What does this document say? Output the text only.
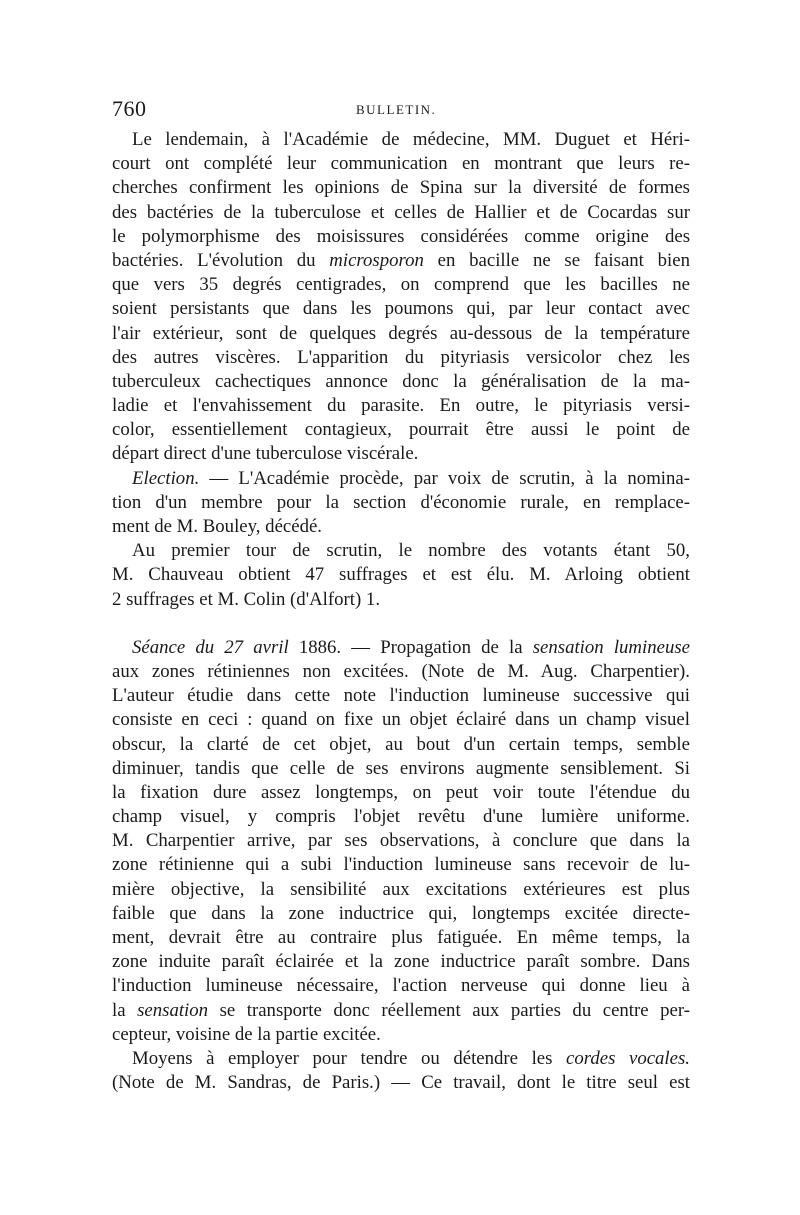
760	BULLETIN.
Le lendemain, à l'Académie de médecine, MM. Duguet et Héri-
court ont complété leur communication en montrant que leurs re-
cherches confirment les opinions de Spina sur la diversité de formes
des bactéries de la tuberculose et celles de Hallier et de Cocardas sur
le polymorphisme des moisissures considérées comme origine des
bactéries. L'évolution du microsporon en bacille ne se faisant bien
que vers 35 degrés centigrades, on comprend que les bacilles ne
soient persistants que dans les poumons qui, par leur contact avec
l'air extérieur, sont de quelques degrés au-dessous de la température
des autres viscères. L'apparition du pityriasis versicolor chez les
tuberculeux cachectiques annonce donc la généralisation de la ma-
ladie et l'envahissement du parasite. En outre, le pityriasis versi-
color, essentiellement contagieux, pourrait être aussi le point de
départ direct d'une tuberculose viscérale.
Election. — L'Académie procède, par voix de scrutin, à la nomina-
tion d'un membre pour la section d'économie rurale, en remplace-
ment de M. Bouley, décédé.
Au premier tour de scrutin, le nombre des votants étant 50,
M. Chauveau obtient 47 suffrages et est élu. M. Arloing obtient
2 suffrages et M. Colin (d'Alfort) 1.
Séance du 27 avril 1886. — Propagation de la sensation lumineuse
aux zones rétiniennes non excitées. (Note de M. Aug. Charpentier).
L'auteur étudie dans cette note l'induction lumineuse successive qui
consiste en ceci : quand on fixe un objet éclairé dans un champ visuel
obscur, la clarté de cet objet, au bout d'un certain temps, semble
diminuer, tandis que celle de ses environs augmente sensiblement. Si
la fixation dure assez longtemps, on peut voir toute l'étendue du
champ visuel, y compris l'objet revêtu d'une lumière uniforme.
M. Charpentier arrive, par ses observations, à conclure que dans la
zone rétinienne qui a subi l'induction lumineuse sans recevoir de lu-
mière objective, la sensibilité aux excitations extérieures est plus
faible que dans la zone inductrice qui, longtemps excitée directe-
ment, devrait être au contraire plus fatiguée. En même temps, la
zone induite paraît éclairée et la zone inductrice paraît sombre. Dans
l'induction lumineuse nécessaire, l'action nerveuse qui donne lieu à
la sensation se transporte donc réellement aux parties du centre per-
cepteur, voisine de la partie excitée.
Moyens à employer pour tendre ou détendre les cordes vocales.
(Note de M. Sandras, de Paris.) — Ce travail, dont le titre seul est
